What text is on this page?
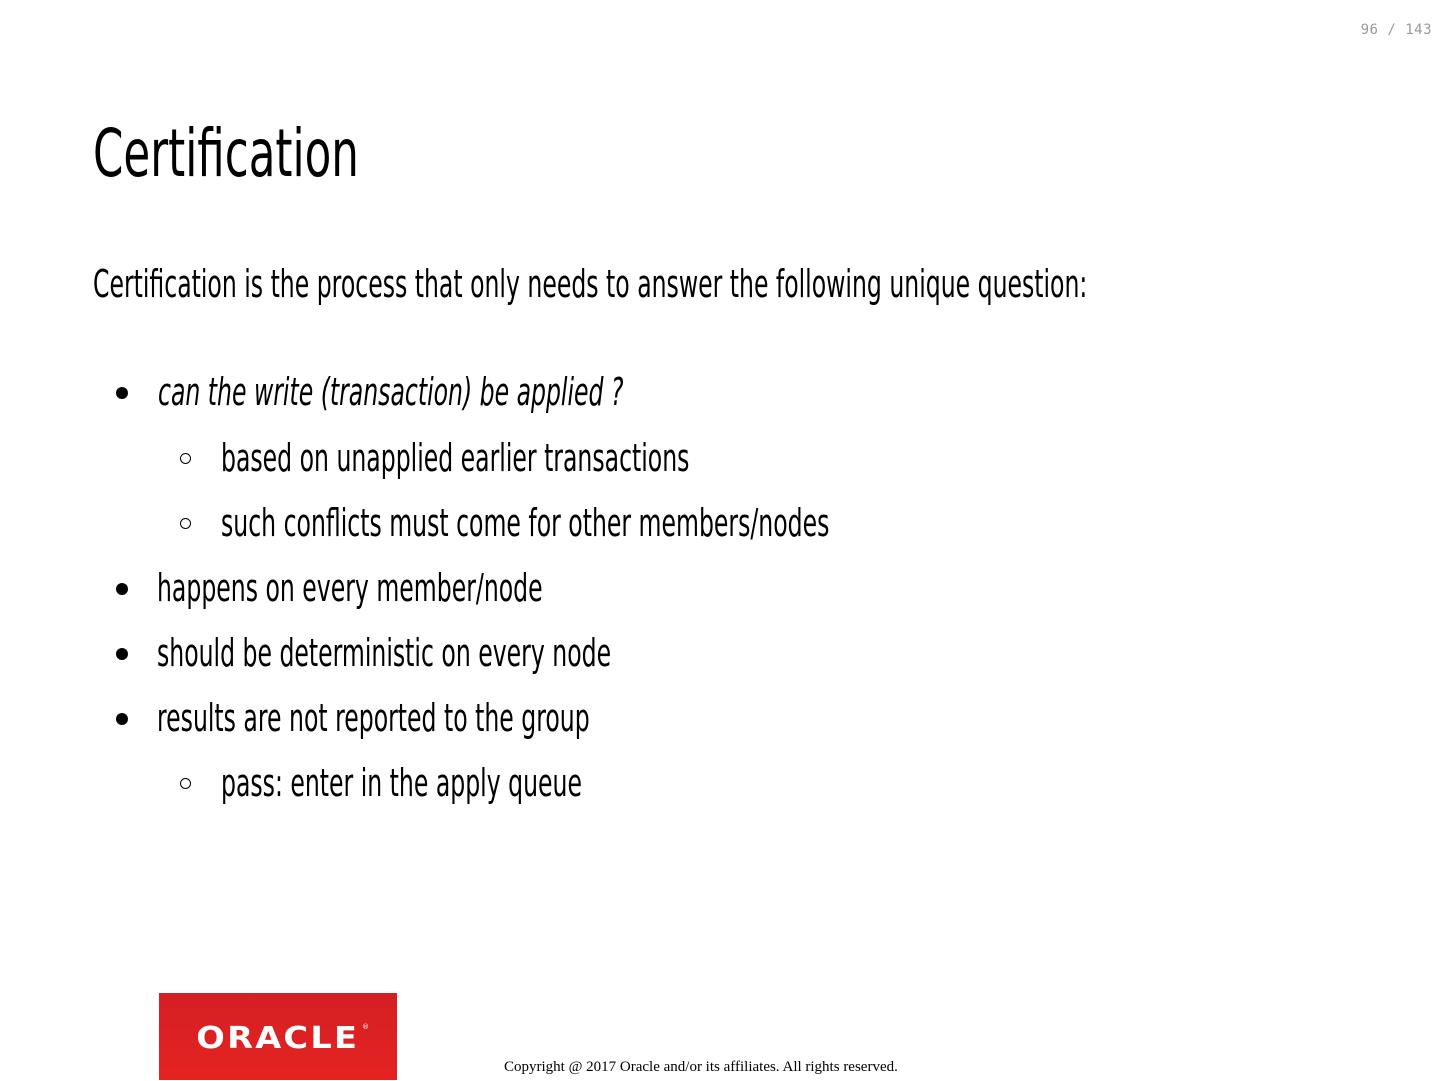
96 / 143
Certification

Certification is the process that only needs to answer the following unique question:

can the write (transaction) be applied ?
based on unapplied earlier transactions
such conflicts must come for other members/nodes
happens on every member/node
should be deterministic on every node
results are not reported to the group
pass: enter in the apply queue
ORACLE ®
Copyright @ 2017 Oracle and/or its affiliates. All rights reserved.
